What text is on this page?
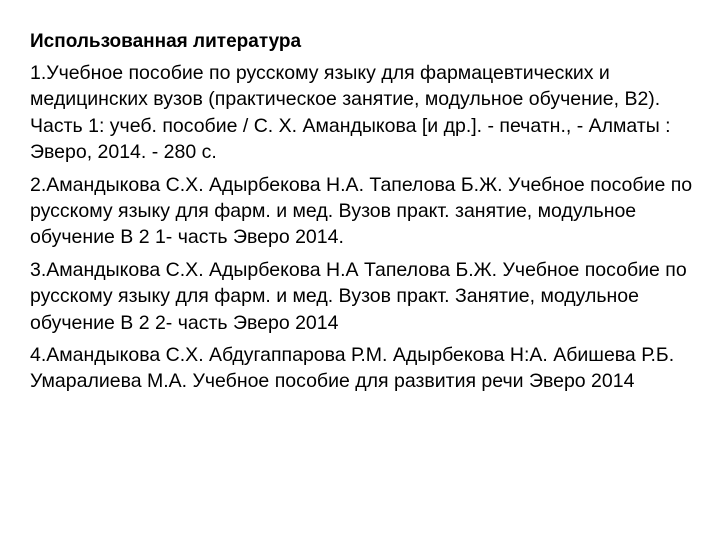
Использованная литература
1.Учебное пособие по русскому языку для фармацевтических и медицинских вузов (практическое занятие, модульное обучение, В2). Часть 1: учеб. пособие / С. Х. Амандыкова [и др.]. - печатн., - Алматы : Эверо, 2014. - 280 с.
2.Амандыкова С.Х. Адырбекова Н.А. Тапелова Б.Ж. Учебное пособие по русскому языку для фарм. и мед. Вузов практ. занятие, модульное обучение В 2 1- часть Эверо 2014.
3.Амандыкова С.Х. Адырбекова Н.А Тапелова Б.Ж. Учебное пособие по русскому языку для фарм. и мед. Вузов практ. Занятие, модульное обучение В 2 2- часть Эверо 2014
4.Амандыкова С.Х. Абдугаппарова Р.М. Адырбекова Н:А. Абишева Р.Б. Умаралиева М.А. Учебное пособие для развития речи Эверо 2014
